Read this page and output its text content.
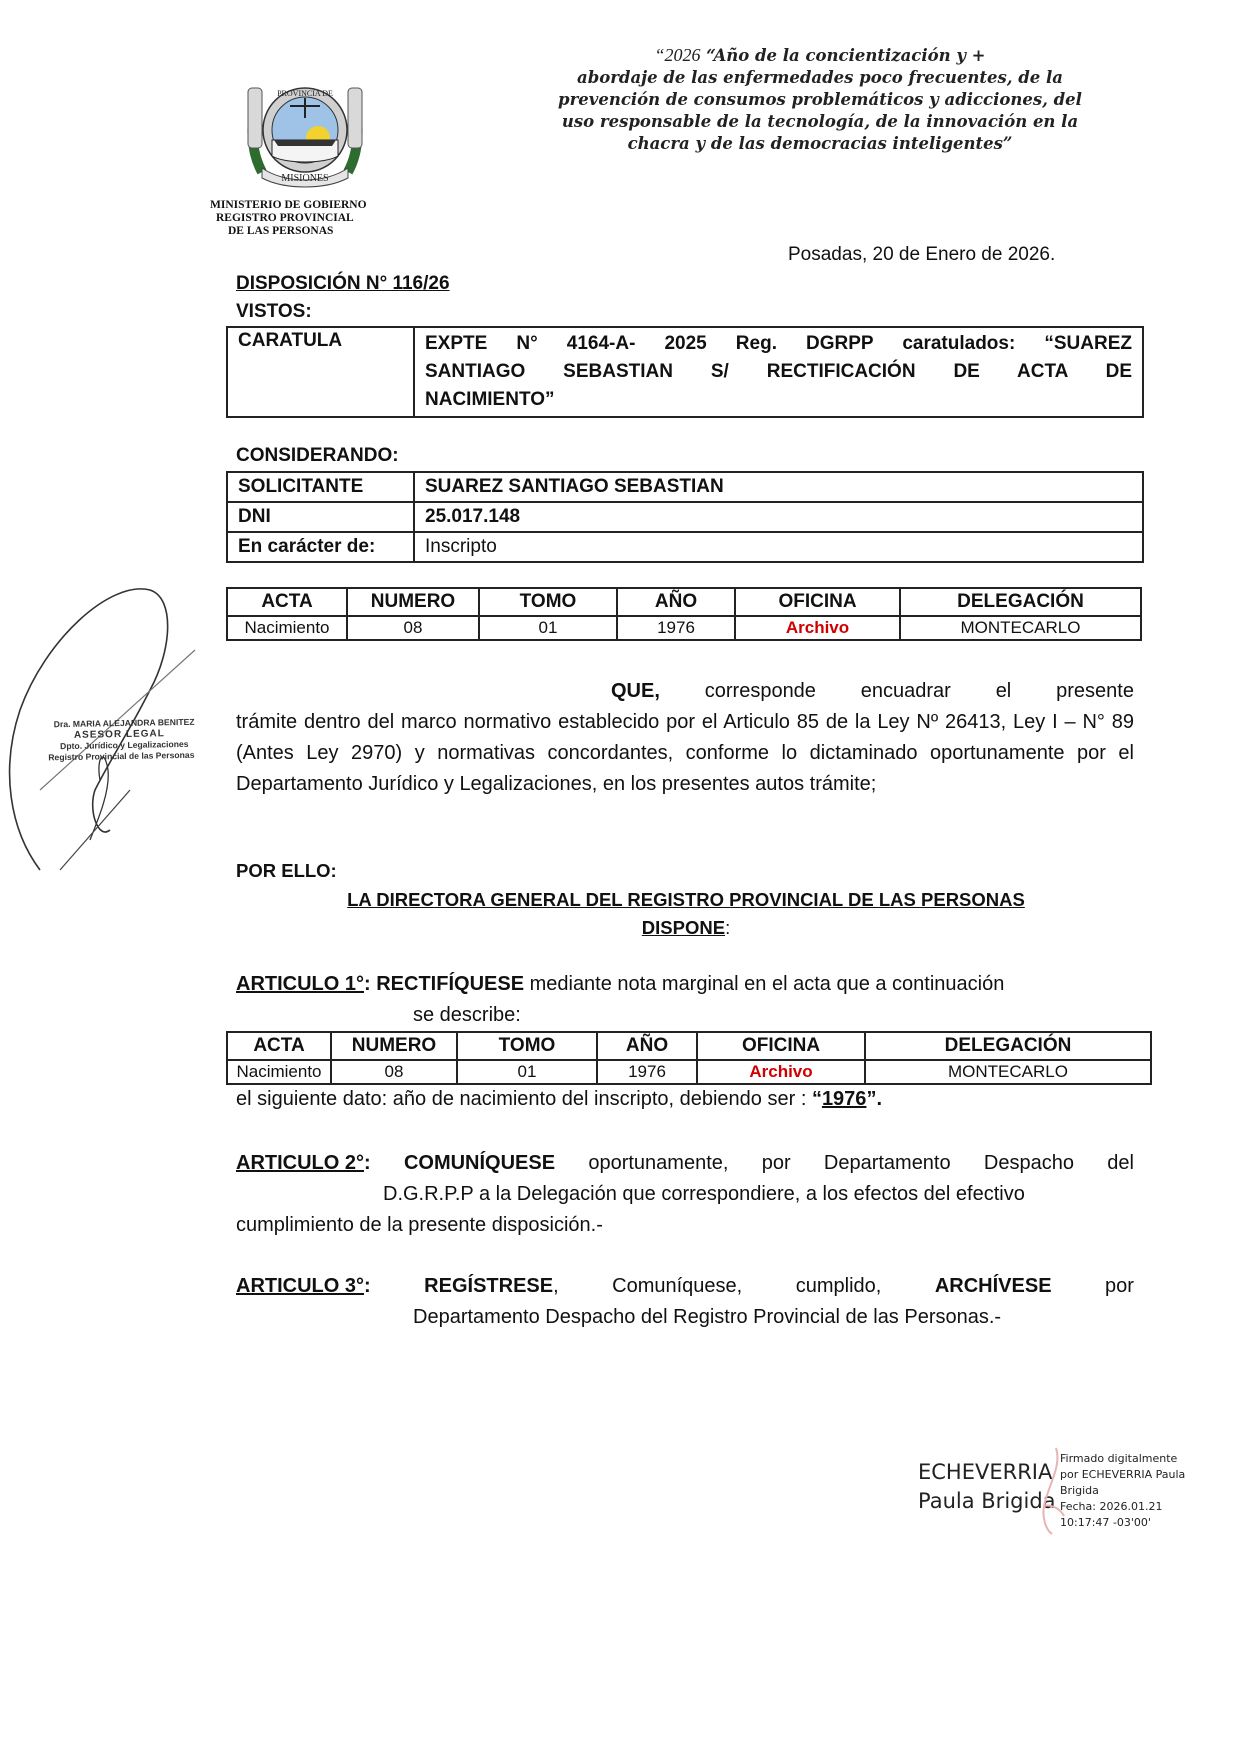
MISIONES
PROVINCIA DE
MINISTERIO DE GOBIERNO
REGISTRO PROVINCIAL
DE LAS PERSONAS
“2026 “Año de la concientización y +
abordaje de las enfermedades poco frecuentes, de la
prevención de consumos problemáticos y adicciones, del
uso responsable de la tecnología, de la innovación en la
chacra y de las democracias inteligentes”
Posadas, 20 de Enero de 2026.
DISPOSICIÓN N° 116/26
VISTOS:
CARATULA	EXPTE N° 4164-A- 2025 Reg. DGRPP caratulados: “SUAREZ SANTIAGO SEBASTIAN S/ RECTIFICACIÓN DE ACTA DE NACIMIENTO”
CONSIDERANDO:
SOLICITANTE	SUAREZ SANTIAGO SEBASTIAN
DNI	25.017.148
En carácter de:	Inscripto
ACTA	NUMERO	TOMO	AÑO	OFICINA	DELEGACIÓN
Nacimiento	08	01	1976	Archivo	MONTECARLO
QUE, corresponde encuadrar el presente
trámite dentro del marco normativo establecido por el Articulo 85 de la Ley Nº 26413, Ley I – N° 89 (Antes Ley 2970) y normativas concordantes, conforme lo dictaminado oportunamente por el Departamento Jurídico y Legalizaciones, en los presentes autos trámite;
POR ELLO:
LA DIRECTORA GENERAL DEL REGISTRO PROVINCIAL DE LAS PERSONAS
DISPONE:
ARTICULO 1°: RECTIFÍQUESE mediante nota marginal en el acta que a continuación
se describe:
ACTA	NUMERO	TOMO	AÑO	OFICINA	DELEGACIÓN
Nacimiento	08	01	1976	Archivo	MONTECARLO
el siguiente dato: año de nacimiento del inscripto, debiendo ser : “1976”.
ARTICULO 2°: COMUNÍQUESE oportunamente, por Departamento Despacho del
D.G.R.P.P a la Delegación que correspondiere, a los efectos del efectivo
cumplimiento de la presente disposición.-
ARTICULO 3°:	REGÍSTRESE,	Comuníquese,	cumplido,	ARCHÍVESE	por
Departamento Despacho del Registro Provincial de las Personas.-
Dra. MARIA ALEJANDRA BENITEZ
ASESOR LEGAL
Dpto. Jurídico y Legalizaciones
Registro Provincial de las Personas
ECHEVERRIA
Paula Brigida
Firmado digitalmente
por ECHEVERRIA Paula
Brigida
Fecha: 2026.01.21
10:17:47 -03'00'
